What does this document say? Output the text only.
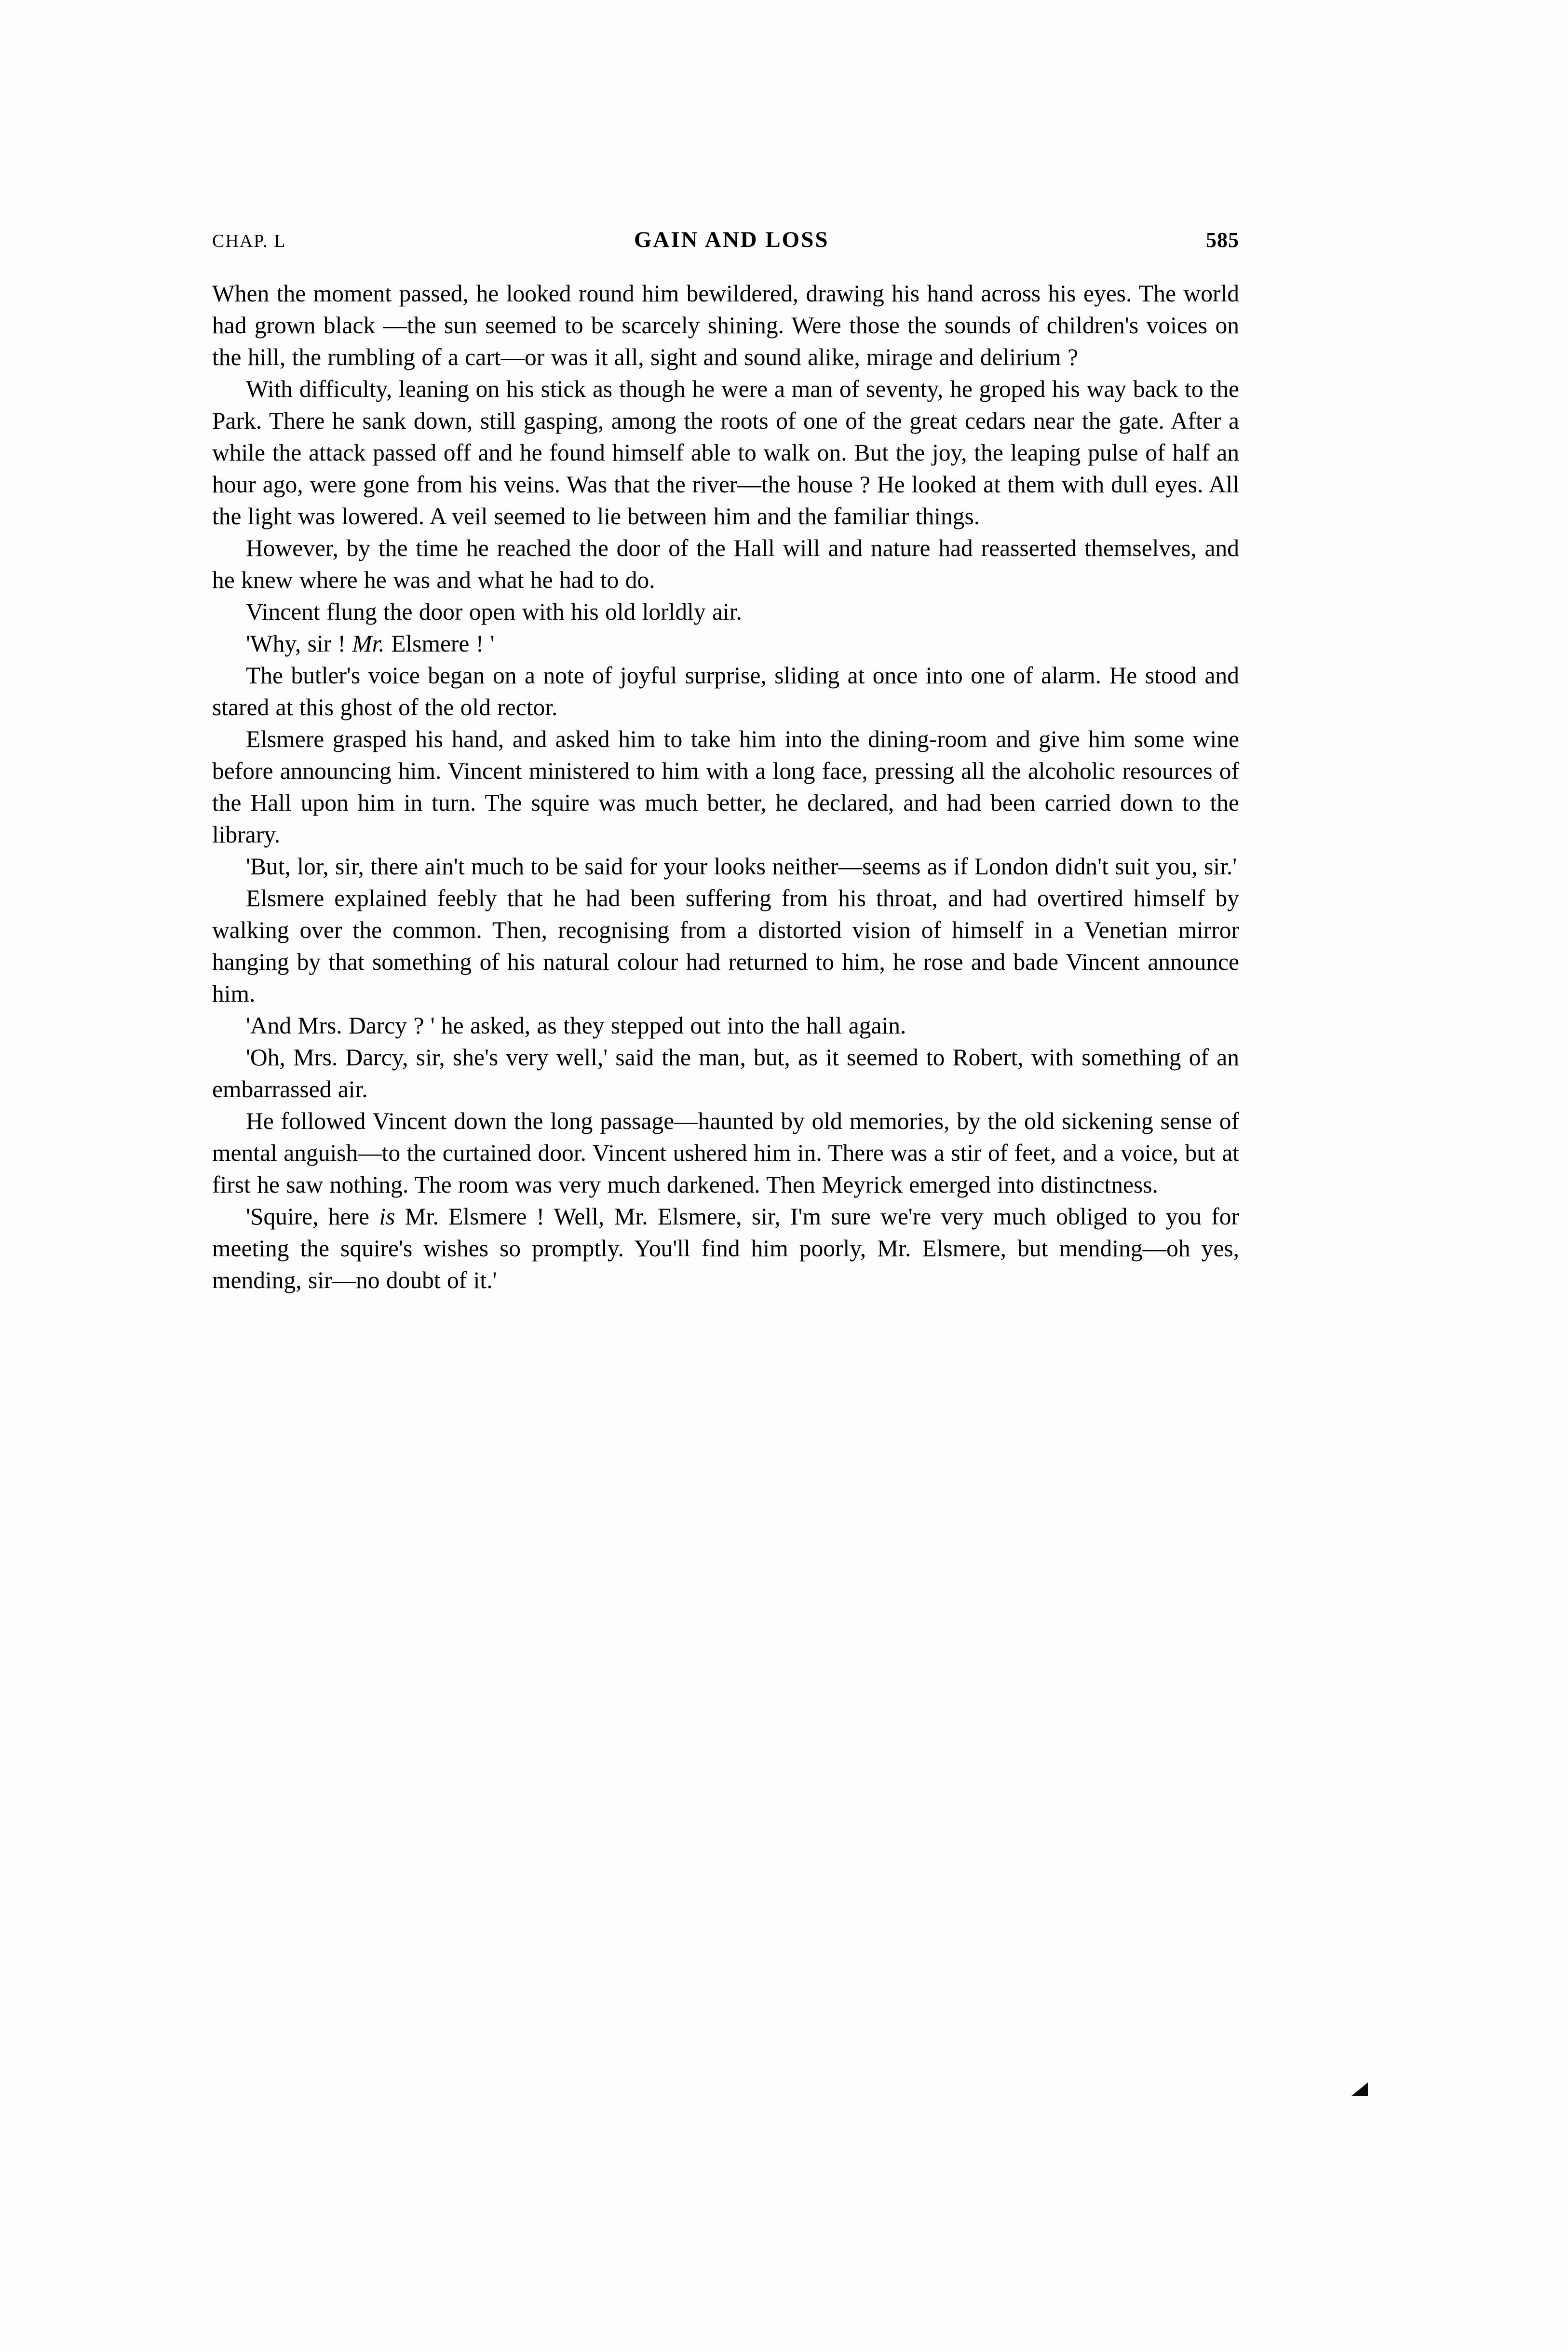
CHAP. L	GAIN AND LOSS	585

When the moment passed, he looked round him bewildered, drawing his hand across his eyes. The world had grown black —the sun seemed to be scarcely shining. Were those the sounds of children's voices on the hill, the rumbling of a cart—or was it all, sight and sound alike, mirage and delirium ?

With difficulty, leaning on his stick as though he were a man of seventy, he groped his way back to the Park. There he sank down, still gasping, among the roots of one of the great cedars near the gate. After a while the attack passed off and he found himself able to walk on. But the joy, the leaping pulse of half an hour ago, were gone from his veins. Was that the river—the house ? He looked at them with dull eyes. All the light was lowered. A veil seemed to lie between him and the familiar things.

However, by the time he reached the door of the Hall will and nature had reasserted themselves, and he knew where he was and what he had to do.

Vincent flung the door open with his old lorldly air.

'Why, sir ! Mr. Elsmere ! '

The butler's voice began on a note of joyful surprise, sliding at once into one of alarm. He stood and stared at this ghost of the old rector.

Elsmere grasped his hand, and asked him to take him into the dining-room and give him some wine before announcing him. Vincent ministered to him with a long face, pressing all the alcoholic resources of the Hall upon him in turn. The squire was much better, he declared, and had been carried down to the library.

'But, lor, sir, there ain't much to be said for your looks neither—seems as if London didn't suit you, sir.'

Elsmere explained feebly that he had been suffering from his throat, and had overtired himself by walking over the common. Then, recognising from a distorted vision of himself in a Venetian mirror hanging by that something of his natural colour had returned to him, he rose and bade Vincent announce him.

'And Mrs. Darcy ? ' he asked, as they stepped out into the hall again.

'Oh, Mrs. Darcy, sir, she's very well,' said the man, but, as it seemed to Robert, with something of an embarrassed air.

He followed Vincent down the long passage—haunted by old memories, by the old sickening sense of mental anguish—to the curtained door. Vincent ushered him in. There was a stir of feet, and a voice, but at first he saw nothing. The room was very much darkened. Then Meyrick emerged into distinctness.

'Squire, here is Mr. Elsmere ! Well, Mr. Elsmere, sir, I'm sure we're very much obliged to you for meeting the squire's wishes so promptly. You'll find him poorly, Mr. Elsmere, but mending—oh yes, mending, sir—no doubt of it.'
